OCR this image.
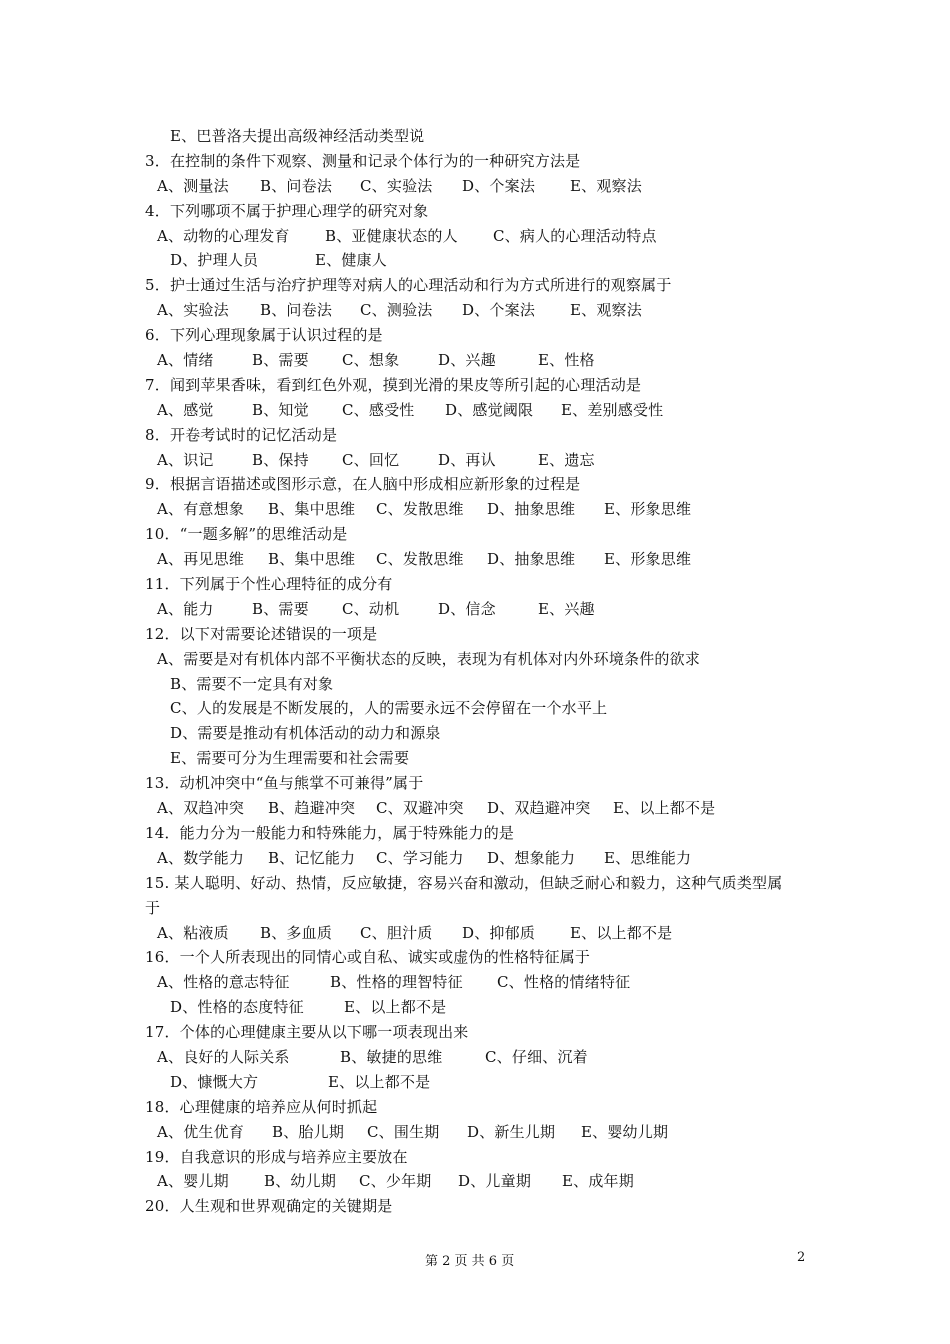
E、巴普洛夫提出高级神经活动类型说
3．在控制的条件下观察、测量和记录个体行为的一种研究方法是
A、测量法 B、问卷法 C、实验法 D、个案法 E、观察法
4．下列哪项不属于护理心理学的研究对象
A、动物的心理发育 B、亚健康状态的人 C、病人的心理活动特点
D、护理人员	E、健康人
5．护士通过生活与治疗护理等对病人的心理活动和行为方式所进行的观察属于
A、实验法 B、问卷法 C、测验法 D、个案法 E、观察法
6．下列心理现象属于认识过程的是
A、情绪	B、需要 C、想象	D、兴趣	E、性格
7．闻到苹果香味，看到红色外观，摸到光滑的果皮等所引起的心理活动是
A、感觉	B、知觉 C、感受性 D、感觉阈限 E、差别感受性
8．开卷考试时的记忆活动是
A、识记	B、保持 C、回忆	D、再认	E、遗忘
9．根据言语描述或图形示意，在人脑中形成相应新形象的过程是
A、有意想象 B、集中思维 C、发散思维 D、抽象思维 E、形象思维
10．“一题多解”的思维活动是
A、再见思维 B、集中思维 C、发散思维 D、抽象思维 E、形象思维
11．下列属于个性心理特征的成分有
A、能力	B、需要 C、动机	D、信念	E、兴趣
12．以下对需要论述错误的一项是
A、需要是对有机体内部不平衡状态的反映，表现为有机体对内外环境条件的欲求
B、需要不一定具有对象
C、人的发展是不断发展的，人的需要永远不会停留在一个水平上
D、需要是推动有机体活动的动力和源泉
E、需要可分为生理需要和社会需要
13．动机冲突中“鱼与熊掌不可兼得”属于
A、双趋冲突 B、趋避冲突 C、双避冲突 D、双趋避冲突 E、以上都不是
14．能力分为一般能力和特殊能力，属于特殊能力的是
A、数学能力 B、记忆能力 C、学习能力 D、想象能力 E、思维能力
15. 某人聪明、好动、热情，反应敏捷，容易兴奋和激动，但缺乏耐心和毅力，这种气质类型属
于
A、粘液质 B、多血质 C、胆汁质 D、抑郁质 E、以上都不是
16．一个人所表现出的同情心或自私、诚实或虚伪的性格特征属于
A、性格的意志特征	B、性格的理智特征 C、性格的情绪特征
D、性格的态度特征	E、以上都不是
17．个体的心理健康主要从以下哪一项表现出来
A、良好的人际关系	B、敏捷的思维	C、仔细、沉着
D、慷慨大方	E、以上都不是
18．心理健康的培养应从何时抓起
A、优生优育 B、胎儿期 C、围生期 D、新生儿期 E、婴幼儿期
19．自我意识的形成与培养应主要放在
A、婴儿期 B、幼儿期 C、少年期 D、儿童期 E、成年期
20．人生观和世界观确定的关键期是
第 2 页 共 6 页	2
